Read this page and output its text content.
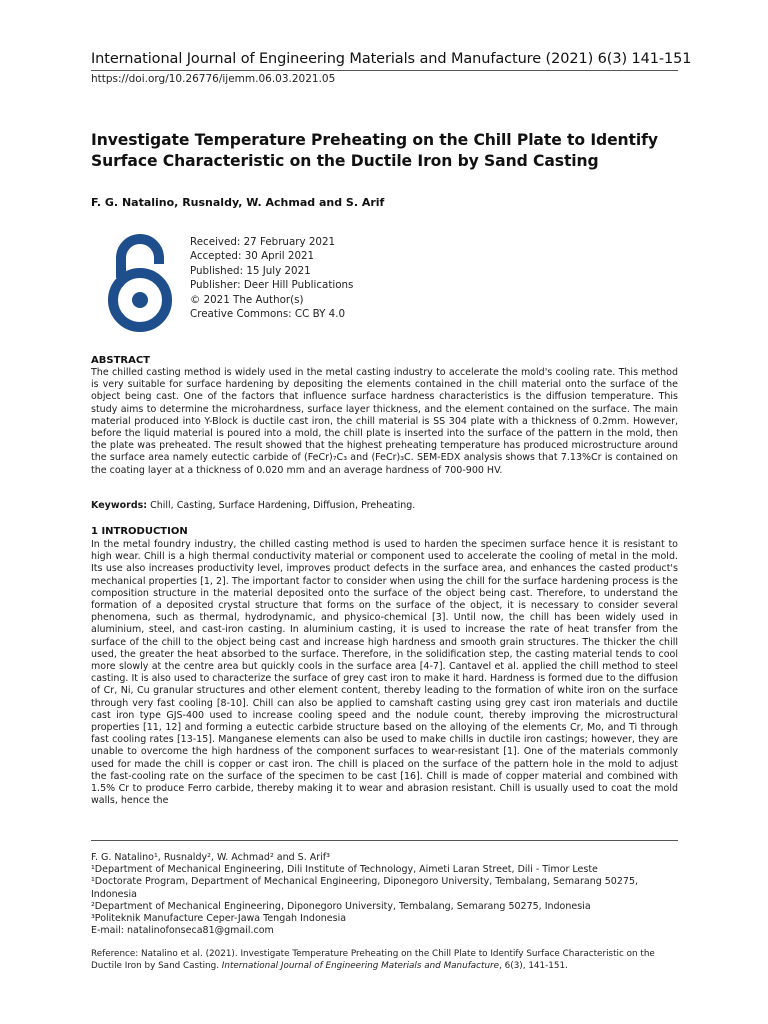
International Journal of Engineering Materials and Manufacture (2021) 6(3) 141-151
https://doi.org/10.26776/ijemm.06.03.2021.05
Investigate Temperature Preheating on the Chill Plate to Identify Surface Characteristic on the Ductile Iron by Sand Casting
F. G. Natalino, Rusnaldy, W. Achmad and S. Arif
Received: 27 February 2021
Accepted: 30 April 2021
Published: 15 July 2021
Publisher: Deer Hill Publications
© 2021 The Author(s)
Creative Commons: CC BY 4.0
ABSTRACT

The chilled casting method is widely used in the metal casting industry to accelerate the mold's cooling rate. This method is very suitable for surface hardening by depositing the elements contained in the chill material onto the surface of the object being cast. One of the factors that influence surface hardness characteristics is the diffusion temperature. This study aims to determine the microhardness, surface layer thickness, and the element contained on the surface. The main material produced into Y-Block is ductile cast iron, the chill material is SS 304 plate with a thickness of 0.2mm. However, before the liquid material is poured into a mold, the chill plate is inserted into the surface of the pattern in the mold, then the plate was preheated. The result showed that the highest preheating temperature has produced microstructure around the surface area namely eutectic carbide of (FeCr)₇C₃ and (FeCr)₃C. SEM-EDX analysis shows that 7.13%Cr is contained on the coating layer at a thickness of 0.020 mm and an average hardness of 700-900 HV.

Keywords: Chill, Casting, Surface Hardening, Diffusion, Preheating.
1 INTRODUCTION

In the metal foundry industry, the chilled casting method is used to harden the specimen surface hence it is resistant to high wear. Chill is a high thermal conductivity material or component used to accelerate the cooling of metal in the mold. Its use also increases productivity level, improves product defects in the surface area, and enhances the casted product's mechanical properties [1, 2]. The important factor to consider when using the chill for the surface hardening process is the composition structure in the material deposited onto the surface of the object being cast. Therefore, to understand the formation of a deposited crystal structure that forms on the surface of the object, it is necessary to consider several phenomena, such as thermal, hydrodynamic, and physico-chemical [3]. Until now, the chill has been widely used in aluminium, steel, and cast-iron casting. In aluminium casting, it is used to increase the rate of heat transfer from the surface of the chill to the object being cast and increase high hardness and smooth grain structures. The thicker the chill used, the greater the heat absorbed to the surface. Therefore, in the solidification step, the casting material tends to cool more slowly at the centre area but quickly cools in the surface area [4-7]. Cantavel et al. applied the chill method to steel casting. It is also used to characterize the surface of grey cast iron to make it hard. Hardness is formed due to the diffusion of Cr, Ni, Cu granular structures and other element content, thereby leading to the formation of white iron on the surface through very fast cooling [8-10]. Chill can also be applied to camshaft casting using grey cast iron materials and ductile cast iron type GJS-400 used to increase cooling speed and the nodule count, thereby improving the microstructural properties [11, 12] and forming a eutectic carbide structure based on the alloying of the elements Cr, Mo, and Ti through fast cooling rates [13-15]. Manganese elements can also be used to make chills in ductile iron castings; however, they are unable to overcome the high hardness of the component surfaces to wear-resistant [1]. One of the materials commonly used for made the chill is copper or cast iron. The chill is placed on the surface of the pattern hole in the mold to adjust the fast-cooling rate on the surface of the specimen to be cast [16]. Chill is made of copper material and combined with 1.5% Cr to produce Ferro carbide, thereby making it to wear and abrasion resistant. Chill is usually used to coat the mold walls, hence the

F. G. Natalino¹, Rusnaldy², W. Achmad² and S. Arif³
¹Department of Mechanical Engineering, Dili Institute of Technology, Aimeti Laran Street, Dili - Timor Leste
¹Doctorate Program, Department of Mechanical Engineering, Diponegoro University, Tembalang, Semarang 50275, Indonesia
²Department of Mechanical Engineering, Diponegoro University, Tembalang, Semarang 50275, Indonesia
³Politeknik Manufacture Ceper-Jawa Tengah Indonesia
E-mail: natalinofonseca81@gmail.com
Reference: Natalino et al. (2021). Investigate Temperature Preheating on the Chill Plate to Identify Surface Characteristic on the Ductile Iron by Sand Casting. International Journal of Engineering Materials and Manufacture, 6(3), 141-151.
